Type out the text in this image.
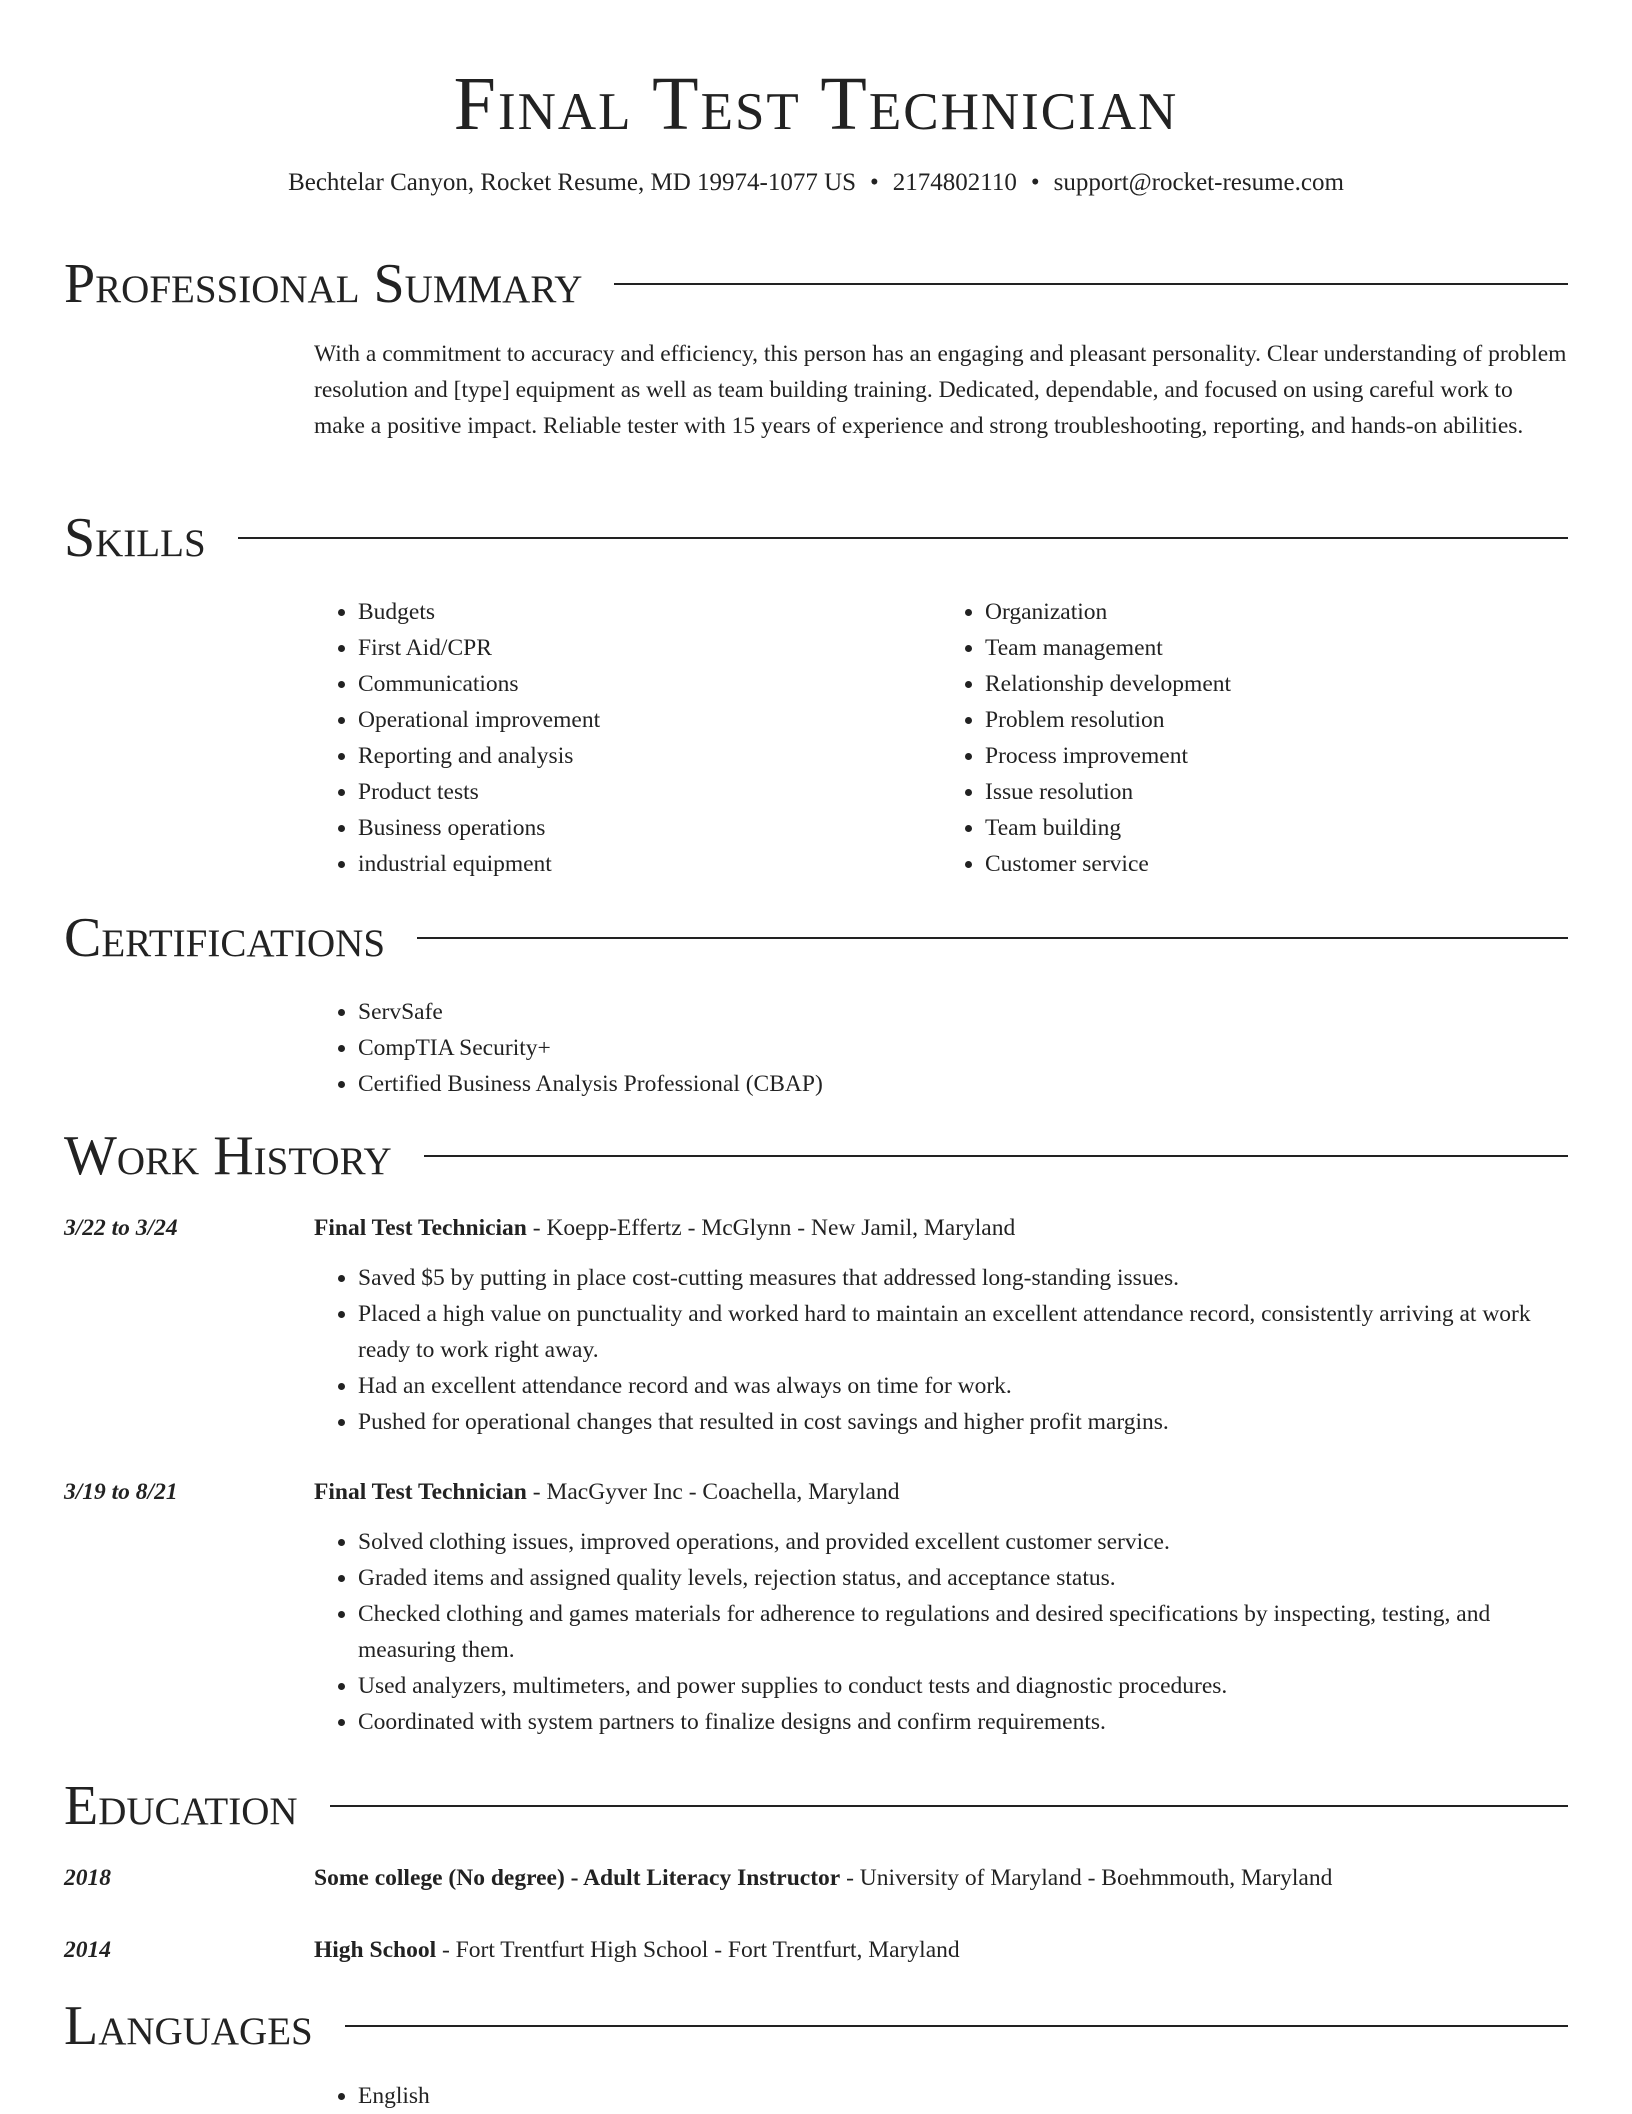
Final Test Technician
Bechtelar Canyon, Rocket Resume, MD 19974-1077 US • 2174802110 • support@rocket-resume.com
Professional Summary
With a commitment to accuracy and efficiency, this person has an engaging and pleasant personality. Clear understanding of problem resolution and [type] equipment as well as team building training. Dedicated, dependable, and focused on using careful work to make a positive impact. Reliable tester with 15 years of experience and strong troubleshooting, reporting, and hands-on abilities.
Skills
• Budgets
• First Aid/CPR
• Communications
• Operational improvement
• Reporting and analysis
• Product tests
• Business operations
• industrial equipment
• Organization
• Team management
• Relationship development
• Problem resolution
• Process improvement
• Issue resolution
• Team building
• Customer service
Certifications
• ServSafe
• CompTIA Security+
• Certified Business Analysis Professional (CBAP)
Work History
3/22 to 3/24	Final Test Technician - Koepp-Effertz - McGlynn - New Jamil, Maryland
• Saved $5 by putting in place cost-cutting measures that addressed long-standing issues.
• Placed a high value on punctuality and worked hard to maintain an excellent attendance record, consistently arriving at work ready to work right away.
• Had an excellent attendance record and was always on time for work.
• Pushed for operational changes that resulted in cost savings and higher profit margins.
3/19 to 8/21	Final Test Technician - MacGyver Inc - Coachella, Maryland
• Solved clothing issues, improved operations, and provided excellent customer service.
• Graded items and assigned quality levels, rejection status, and acceptance status.
• Checked clothing and games materials for adherence to regulations and desired specifications by inspecting, testing, and measuring them.
• Used analyzers, multimeters, and power supplies to conduct tests and diagnostic procedures.
• Coordinated with system partners to finalize designs and confirm requirements.
Education
2018	Some college (No degree) - Adult Literacy Instructor - University of Maryland - Boehmmouth, Maryland
2014	High School - Fort Trentfurt High School - Fort Trentfurt, Maryland
Languages
• English
